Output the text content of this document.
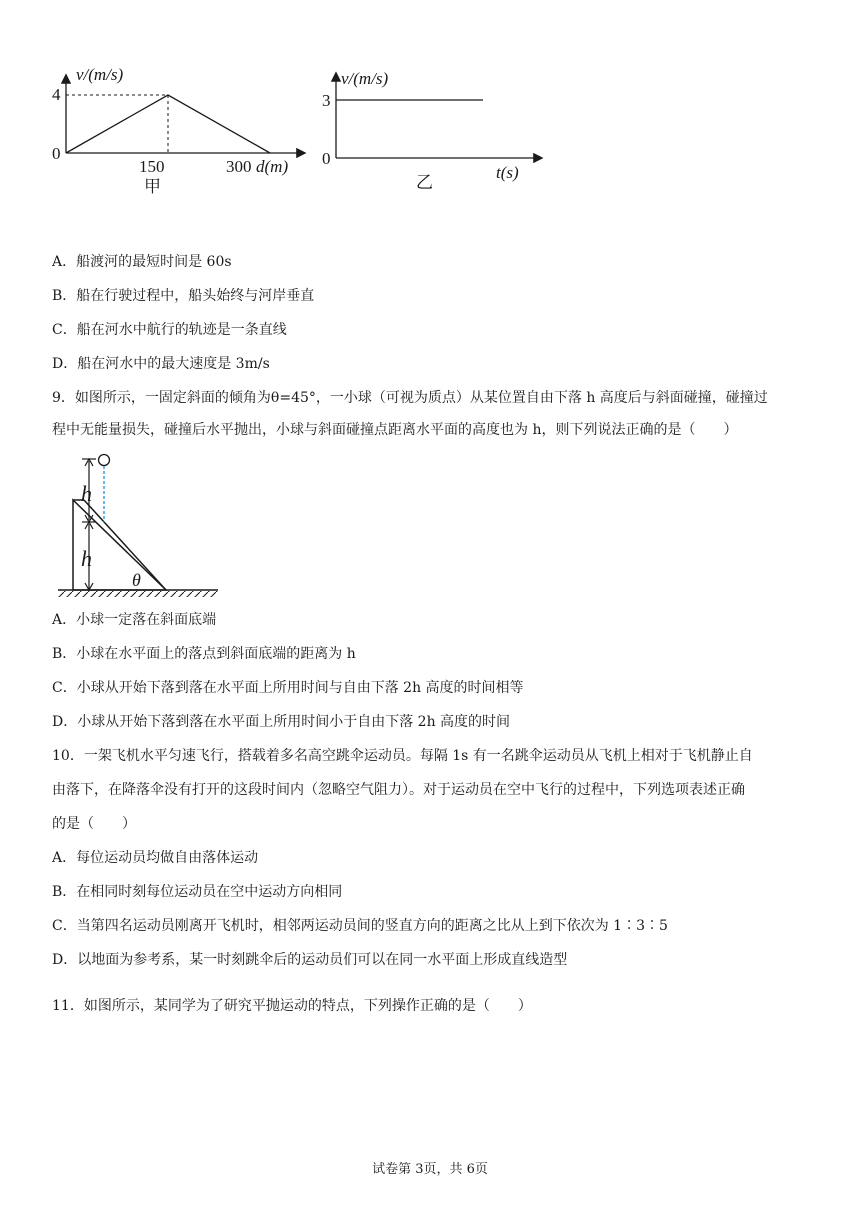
v/(m/s)
4
0
150	300 d(m)
甲
v/(m/s)
3
0
乙
t(s)
A．船渡河的最短时间是 60s
B．船在行驶过程中，船头始终与河岸垂直
C．船在河水中航行的轨迹是一条直线
D．船在河水中的最大速度是 3m/s
9．如图所示，一固定斜面的倾角为θ=45°，一小球（可视为质点）从某位置自由下落 h 高度后与斜面碰撞，碰撞过
程中无能量损失，碰撞后水平抛出，小球与斜面碰撞点距离水平面的高度也为 h，则下列说法正确的是（　　）
h
h
θ
A．小球一定落在斜面底端
B．小球在水平面上的落点到斜面底端的距离为 h
C．小球从开始下落到落在水平面上所用时间与自由下落 2h 高度的时间相等
D．小球从开始下落到落在水平面上所用时间小于自由下落 2h 高度的时间
10．一架飞机水平匀速飞行，搭载着多名高空跳伞运动员。每隔 1s 有一名跳伞运动员从飞机上相对于飞机静止自
由落下，在降落伞没有打开的这段时间内（忽略空气阻力）。对于运动员在空中飞行的过程中，下列选项表述正确
的是（　　）
A．每位运动员均做自由落体运动
B．在相同时刻每位运动员在空中运动方向相同
C．当第四名运动员刚离开飞机时，相邻两运动员间的竖直方向的距离之比从上到下依次为 1∶3∶5
D．以地面为参考系，某一时刻跳伞后的运动员们可以在同一水平面上形成直线造型
11．如图所示，某同学为了研究平抛运动的特点，下列操作正确的是（　　）
试卷第 3页，共 6页
